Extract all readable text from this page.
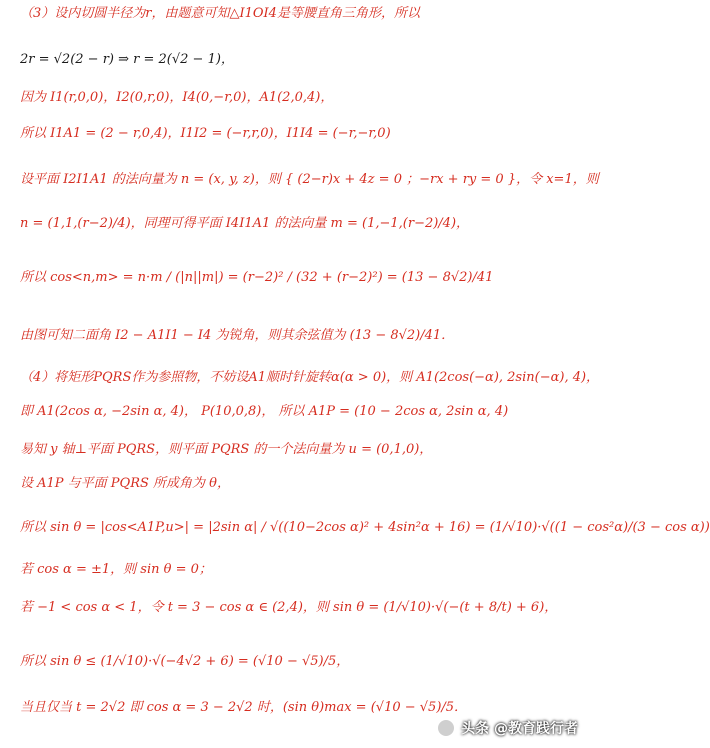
（3）设内切圆半径为r，由题意可知△I1OI4是等腰直角三角形，所以
2r = √2(2 − r) ⇒ r = 2(√2 − 1)，
因为 I1(r,0,0)，I2(0,r,0)，I4(0,−r,0)，A1(2,0,4)，
所以 I1A1 = (2 − r,0,4)，I1I2 = (−r,r,0)，I1I4 = (−r,−r,0)
设平面 I2I1A1 的法向量为 n = (x, y, z)，则 { (2−r)x + 4z = 0 ；−rx + ry = 0 }，令 x=1，则
n = (1,1,(r−2)/4)，同理可得平面 I4I1A1 的法向量 m = (1,−1,(r−2)/4)，
所以 cos<n,m> = n·m / (|n||m|) = (r−2)² / (32 + (r−2)²) = (13 − 8√2)/41
由图可知二面角 I2 − A1I1 − I4 为锐角，则其余弦值为 (13 − 8√2)/41．
（4）将矩形PQRS作为参照物，不妨设A1顺时针旋转α(α > 0)，则 A1(2cos(−α), 2sin(−α), 4)，
即 A1(2cos α, −2sin α, 4)， P(10,0,8)， 所以 A1P = (10 − 2cos α, 2sin α, 4)
易知 y 轴⊥平面 PQRS，则平面 PQRS 的一个法向量为 u = (0,1,0)，
设 A1P 与平面 PQRS 所成角为 θ，
所以 sin θ = |cos<A1P,u>| = |2sin α| / √((10−2cos α)² + 4sin²α + 16) = (1/√10)·√((1 − cos²α)/(3 − cos α))
若 cos α = ±1，则 sin θ = 0；
若 −1 < cos α < 1，令 t = 3 − cos α ∈ (2,4)，则 sin θ = (1/√10)·√(−(t + 8/t) + 6)，
所以 sin θ ≤ (1/√10)·√(−4√2 + 6) = (√10 − √5)/5，
当且仅当 t = 2√2 即 cos α = 3 − 2√2 时，(sin θ)max = (√10 − √5)/5．
头条 @教育践行者
